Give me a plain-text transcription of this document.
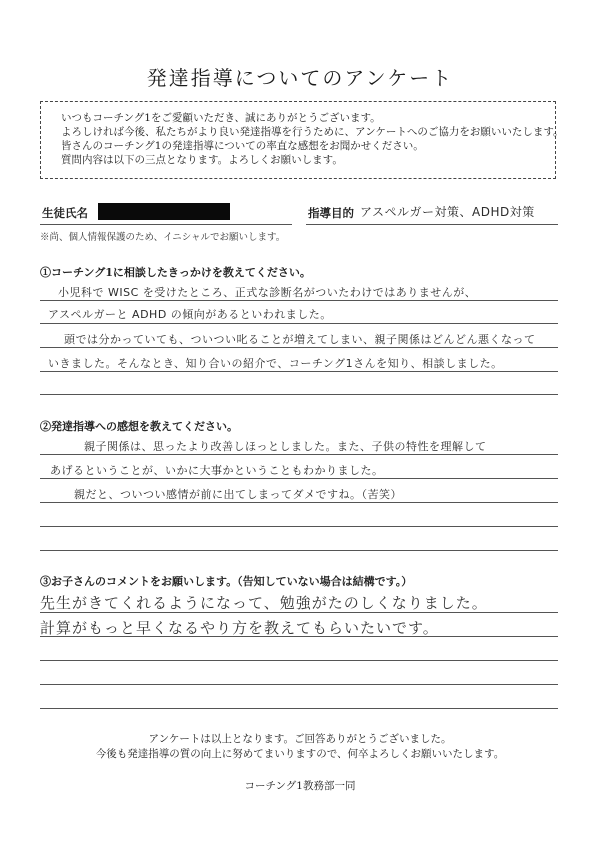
発達指導についてのアンケート
いつもコーチング1をご愛顧いただき、誠にありがとうございます。
よろしければ今後、私たちがより良い発達指導を行うために、アンケートへのご協力をお願いいたします。
皆さんのコーチング1の発達指導についての率直な感想をお聞かせください。
質問内容は以下の三点となります。よろしくお願いします。
生徒氏名	指導目的 アスペルガー対策、ADHD対策
※尚、個人情報保護のため、イニシャルでお願いします。
①コーチング1に相談したきっかけを教えてください。
小児科で WISC を受けたところ、正式な診断名がついたわけではありませんが、
アスペルガーと ADHD の傾向があるといわれました。
頭では分かっていても、ついつい叱ることが増えてしまい、親子関係はどんどん悪くなって
いきました。そんなとき、知り合いの紹介で、コーチング1さんを知り、相談しました。
②発達指導への感想を教えてください。
親子関係は、思ったより改善しほっとしました。また、子供の特性を理解して
あげるということが、いかに大事かということもわかりました。
親だと、ついつい感情が前に出てしまってダメですね。（苦笑）
③お子さんのコメントをお願いします。（告知していない場合は結構です。）
先生がきてくれるようになって、勉強がたのしくなりました。
計算がもっと早くなるやり方を教えてもらいたいです。
アンケートは以上となります。ご回答ありがとうございました。
今後も発達指導の質の向上に努めてまいりますので、何卒よろしくお願いいたします。
コーチング1教務部一同
